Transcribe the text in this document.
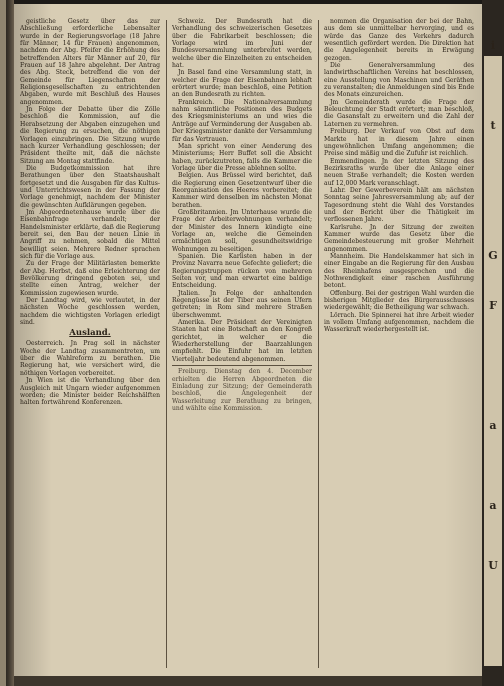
geistliche Gesetz über das zur Abschließung erforderliche Lebensalter wurde in der Regierungsvorlage (18 Jahre für Männer, 14 für Frauen) angenommen, nachdem der Abg. Pfeifer die Erhöhung des betreffenden Alters für Männer auf 20, für Frauen auf 18 Jahre abgelehnt. Der Antrag des Abg. Steck, betreffend die von der Gemeinde für Liegenschaften der Religionsgesellschaften zu entrichtenden Abgaben, wurde mit Beschluß des Hauses angenommen.

Jn Folge der Debatte über die Zölle beschloß die Kommission, auf die Herabsetzung der Abgaben einzugehen und die Regierung zu ersuchen, die nöthigen Vorlagen einzubringen. Die Sitzung wurde nach kurzer Verhandlung geschlossen; der Präsident theilte mit, daß die nächste Sitzung am Montag stattfinde.

Die Budgetkommission hat ihre Berathungen über den Staatshaushalt fortgesetzt und die Ausgaben für das Kultus- und Unterrichtswesen in der Fassung der Vorlage genehmigt, nachdem der Minister die gewünschten Aufklärungen gegeben.

Jm Abgeordnetenhause wurde über die Eisenbahnfrage verhandelt; der Handelsminister erklärte, daß die Regierung bereit sei, den Bau der neuen Linie in Angriff zu nehmen, sobald die Mittel bewilligt seien. Mehrere Redner sprachen sich für die Vorlage aus.

Zu der Frage der Militärlasten bemerkte der Abg. Herbst, daß eine Erleichterung der Bevölkerung dringend geboten sei, und stellte einen Antrag, welcher der Kommission zugewiesen wurde.

Der Landtag wird, wie verlautet, in der nächsten Woche geschlossen werden, nachdem die wichtigsten Vorlagen erledigt sind.

Ausland.

Oesterreich. Jn Prag soll in nächster Woche der Landtag zusammentreten, um über die Wahlreform zu berathen. Die Regierung hat, wie versichert wird, die nöthigen Vorlagen vorbereitet.

Jn Wien ist die Verhandlung über den Ausgleich mit Ungarn wieder aufgenommen worden; die Minister beider Reichshälften halten fortwährend Konferenzen.

Schweiz. Der Bundesrath hat die Verhandlung des schweizerischen Gesetzes über die Fabrikarbeit beschlossen; die Vorlage wird im Juni der Bundesversammlung unterbreitet werden, welche über die Einzelheiten zu entscheiden hat.

Jn Basel fand eine Versammlung statt, in welcher die Frage der Eisenbahnen lebhaft erörtert wurde; man beschloß, eine Petition an den Bundesrath zu richten.

Frankreich. Die Nationalversammlung nahm sämmtliche Positionen des Budgets des Kriegsministeriums an und wies die Anträge auf Verminderung der Ausgaben ab. Der Kriegsminister dankte der Versammlung für das Vertrauen.

Man spricht von einer Aenderung des Ministeriums; Herr Buffet soll die Absicht haben, zurückzutreten, falls die Kammer die Vorlage über die Presse ablehnen sollte.

Belgien. Aus Brüssel wird berichtet, daß die Regierung einen Gesetzentwurf über die Reorganisation des Heeres vorbereitet; die Kammer wird denselben im nächsten Monat berathen.

Großbritannien. Jm Unterhause wurde die Frage der Arbeiterwohnungen verhandelt; der Minister des Innern kündigte eine Vorlage an, welche die Gemeinden ermächtigen soll, gesundheitswidrige Wohnungen zu beseitigen.

Spanien. Die Karlisten haben in der Provinz Navarra neue Gefechte geliefert; die Regierungstruppen rücken von mehreren Seiten vor, und man erwartet eine baldige Entscheidung.

Jtalien. Jn Folge der anhaltenden Regengüsse ist der Tiber aus seinen Ufern getreten; in Rom sind mehrere Straßen überschwemmt.

Amerika. Der Präsident der Vereinigten Staaten hat eine Botschaft an den Kongreß gerichtet, in welcher er die Wiederherstellung der Baarzahlungen empfiehlt. Die Einfuhr hat im letzten Vierteljahr bedeutend abgenommen.

Freiburg. Dienstag den 4. December erhielten die Herren Abgeordneten die Einladung zur Sitzung; der Gemeinderath beschloß, die Angelegenheit der Wasserleitung zur Berathung zu bringen, und wählte eine Kommission.

nommen die Organisation der bei der Bahn, aus dem sie unmittelbar hervorging, und es würde das Ganze des Verkehrs dadurch wesentlich gefördert werden. Die Direktion hat die Angelegenheit bereits in Erwägung gezogen.

Die Generalversammlung des landwirthschaftlichen Vereins hat beschlossen, eine Ausstellung von Maschinen und Geräthen zu veranstalten; die Anmeldungen sind bis Ende des Monats einzureichen.

Jm Gemeinderath wurde die Frage der Beleuchtung der Stadt erörtert; man beschloß, die Gasanstalt zu erweitern und die Zahl der Laternen zu vermehren.

Freiburg. Der Verkauf von Obst auf dem Markte hat in diesem Jahre einen ungewöhnlichen Umfang angenommen; die Preise sind mäßig und die Zufuhr ist reichlich.

Emmendingen. Jn der letzten Sitzung des Bezirksraths wurde über die Anlage einer neuen Straße verhandelt; die Kosten werden auf 12,000 Mark veranschlagt.

Lahr. Der Gewerbeverein hält am nächsten Sonntag seine Jahresversammlung ab; auf der Tagesordnung steht die Wahl des Vorstandes und der Bericht über die Thätigkeit im verflossenen Jahre.

Karlsruhe. Jn der Sitzung der zweiten Kammer wurde das Gesetz über die Gemeindebesteuerung mit großer Mehrheit angenommen.

Mannheim. Die Handelskammer hat sich in einer Eingabe an die Regierung für den Ausbau des Rheinhafens ausgesprochen und die Nothwendigkeit einer raschen Ausführung betont.

Offenburg. Bei der gestrigen Wahl wurden die bisherigen Mitglieder des Bürgerausschusses wiedergewählt; die Betheiligung war schwach.

Lörrach. Die Spinnerei hat ihre Arbeit wieder in vollem Umfang aufgenommen, nachdem die Wasserkraft wiederhergestellt ist.

i
t
G
F
a
a
U
